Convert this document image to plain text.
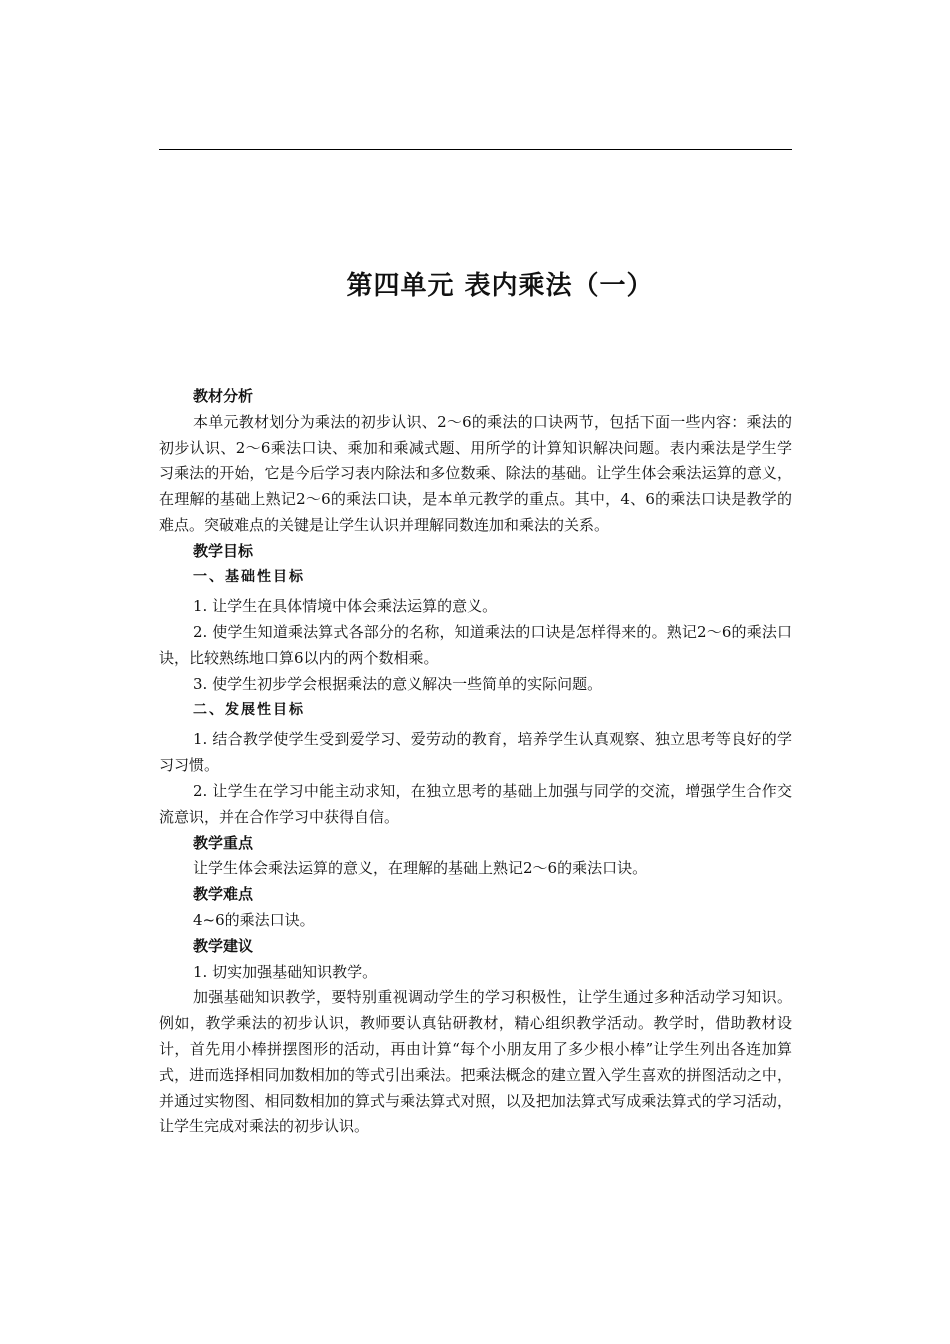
第四单元 表内乘法（一）

教材分析

本单元教材划分为乘法的初步认识、2～6的乘法的口诀两节，包括下面一些内容：乘法的初步认识、2～6乘法口诀、乘加和乘减式题、用所学的计算知识解决问题。表内乘法是学生学习乘法的开始，它是今后学习表内除法和多位数乘、除法的基础。让学生体会乘法运算的意义，在理解的基础上熟记2～6的乘法口诀，是本单元教学的重点。其中，4、6的乘法口诀是教学的难点。突破难点的关键是让学生认识并理解同数连加和乘法的关系。

教学目标

一、基础性目标

1. 让学生在具体情境中体会乘法运算的意义。

2. 使学生知道乘法算式各部分的名称，知道乘法的口诀是怎样得来的。熟记2～6的乘法口诀，比较熟练地口算6以内的两个数相乘。

3. 使学生初步学会根据乘法的意义解决一些简单的实际问题。

二、发展性目标

1. 结合教学使学生受到爱学习、爱劳动的教育，培养学生认真观察、独立思考等良好的学习习惯。

2. 让学生在学习中能主动求知，在独立思考的基础上加强与同学的交流，增强学生合作交流意识，并在合作学习中获得自信。

教学重点

让学生体会乘法运算的意义，在理解的基础上熟记2～6的乘法口诀。

教学难点

4~6的乘法口诀。

教学建议

1. 切实加强基础知识教学。

加强基础知识教学，要特别重视调动学生的学习积极性，让学生通过多种活动学习知识。例如，教学乘法的初步认识，教师要认真钻研教材，精心组织教学活动。教学时，借助教材设计，首先用小棒拼摆图形的活动，再由计算“每个小朋友用了多少根小棒”让学生列出各连加算式，进而选择相同加数相加的等式引出乘法。把乘法概念的建立置入学生喜欢的拼图活动之中，并通过实物图、相同数相加的算式与乘法算式对照，以及把加法算式写成乘法算式的学习活动，让学生完成对乘法的初步认识。
